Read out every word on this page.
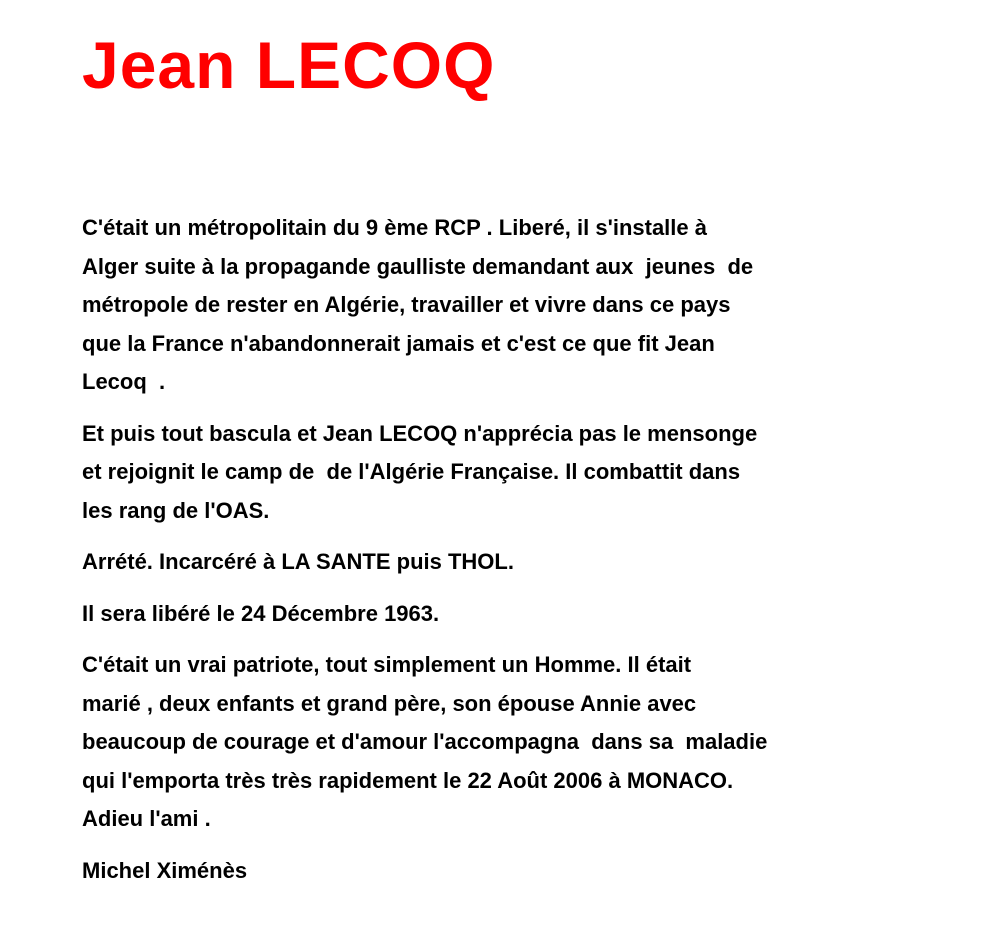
Jean LECOQ

C'était un métropolitain du 9 ème RCP . Liberé, il s'installe à
Alger suite à la propagande gaulliste demandant aux  jeunes  de
métropole de rester en Algérie, travailler et vivre dans ce pays
que la France n'abandonnerait jamais et c'est ce que fit Jean
Lecoq  .

Et puis tout bascula et Jean LECOQ n'apprécia pas le mensonge
et rejoignit le camp de  de l'Algérie Française. Il combattit dans
les rang de l'OAS.

Arrété. Incarcéré à LA SANTE puis THOL.

Il sera libéré le 24 Décembre 1963.

C'était un vrai patriote, tout simplement un Homme. Il était
marié , deux enfants et grand père, son épouse Annie avec
beaucoup de courage et d'amour l'accompagna  dans sa  maladie
qui l'emporta très très rapidement le 22 Août 2006 à MONACO.
Adieu l'ami .

Michel Ximénès
